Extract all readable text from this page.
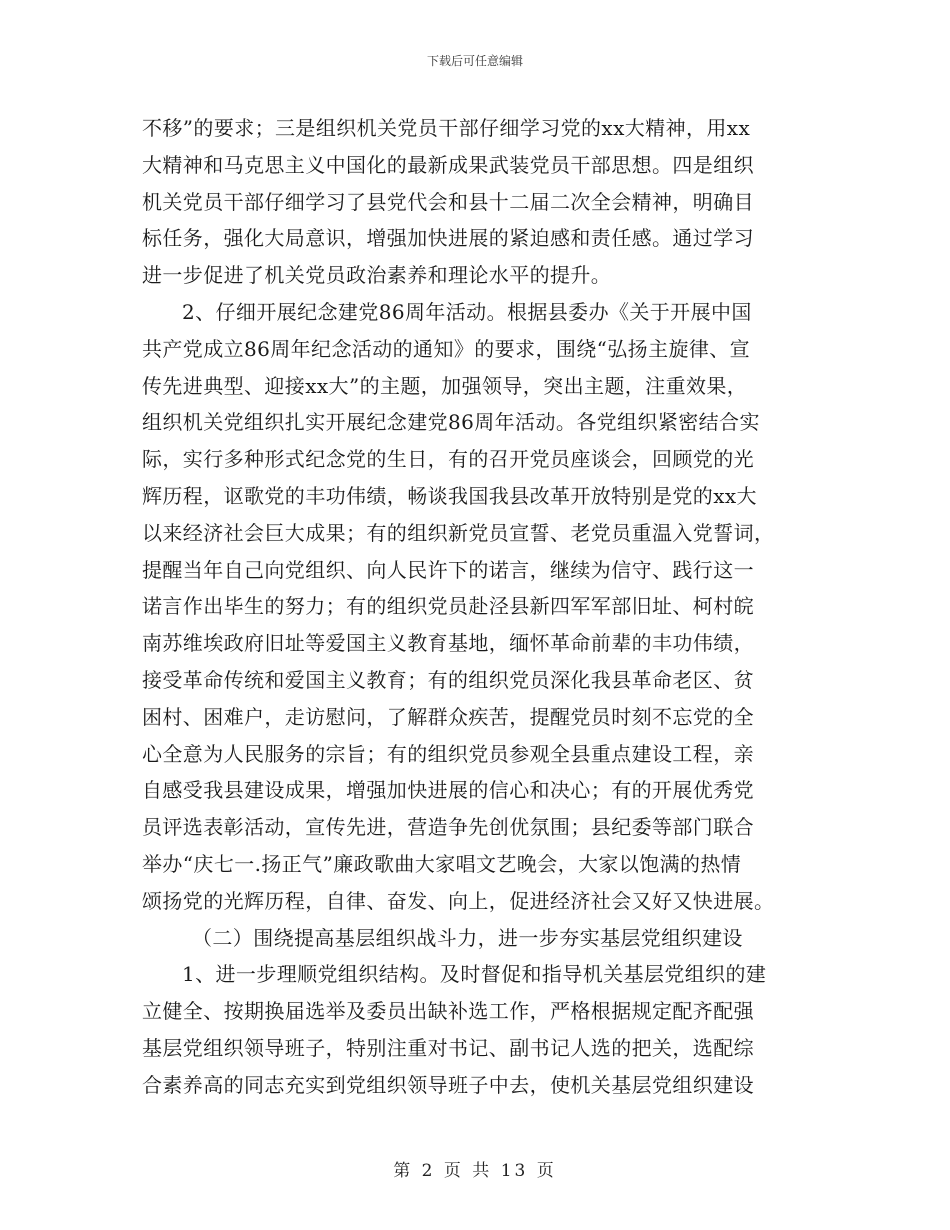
下载后可任意编辑
不移”的要求；三是组织机关党员干部仔细学习党的xx大精神，用xx
大精神和马克思主义中国化的最新成果武装党员干部思想。四是组织
机关党员干部仔细学习了县党代会和县十二届二次全会精神，明确目
标任务，强化大局意识，增强加快进展的紧迫感和责任感。通过学习
进一步促进了机关党员政治素养和理论水平的提升。
2、仔细开展纪念建党86周年活动。根据县委办《关于开展中国
共产党成立86周年纪念活动的通知》的要求，围绕“弘扬主旋律、宣
传先进典型、迎接xx大”的主题，加强领导，突出主题，注重效果，
组织机关党组织扎实开展纪念建党86周年活动。各党组织紧密结合实
际，实行多种形式纪念党的生日，有的召开党员座谈会，回顾党的光
辉历程，讴歌党的丰功伟绩，畅谈我国我县改革开放特别是党的xx大
以来经济社会巨大成果；有的组织新党员宣誓、老党员重温入党誓词，
提醒当年自己向党组织、向人民许下的诺言，继续为信守、践行这一
诺言作出毕生的努力；有的组织党员赴泾县新四军军部旧址、柯村皖
南苏维埃政府旧址等爱国主义教育基地，缅怀革命前辈的丰功伟绩，
接受革命传统和爱国主义教育；有的组织党员深化我县革命老区、贫
困村、困难户，走访慰问，了解群众疾苦，提醒党员时刻不忘党的全
心全意为人民服务的宗旨；有的组织党员参观全县重点建设工程，亲
自感受我县建设成果，增强加快进展的信心和决心；有的开展优秀党
员评选表彰活动，宣传先进，营造争先创优氛围；县纪委等部门联合
举办“庆七一.扬正气”廉政歌曲大家唱文艺晚会，大家以饱满的热情
颂扬党的光辉历程，自律、奋发、向上，促进经济社会又好又快进展。
（二）围绕提高基层组织战斗力，进一步夯实基层党组织建设
1、进一步理顺党组织结构。及时督促和指导机关基层党组织的建
立健全、按期换届选举及委员出缺补选工作，严格根据规定配齐配强
基层党组织领导班子，特别注重对书记、副书记人选的把关，选配综
合素养高的同志充实到党组织领导班子中去，使机关基层党组织建设
第 2 页 共 13 页
